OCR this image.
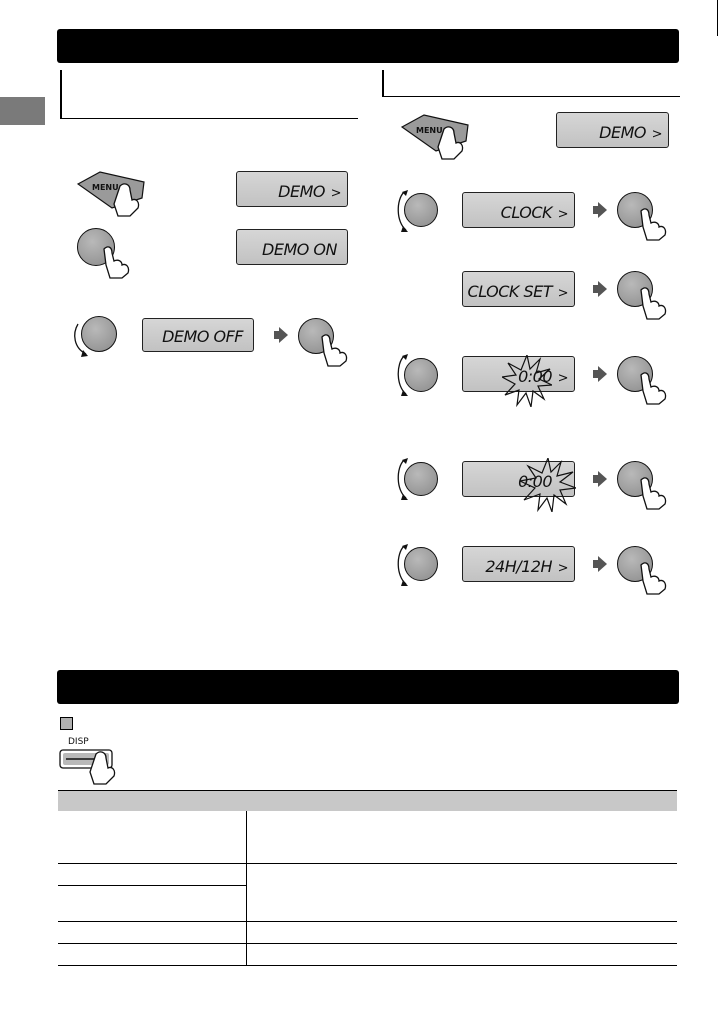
MENU	DEMO >
DEMO ON
DEMO OFF
MENU	DEMO >
CLOCK >
CLOCK SET >
0:00 >
0:00
24H/12H >
DISP
